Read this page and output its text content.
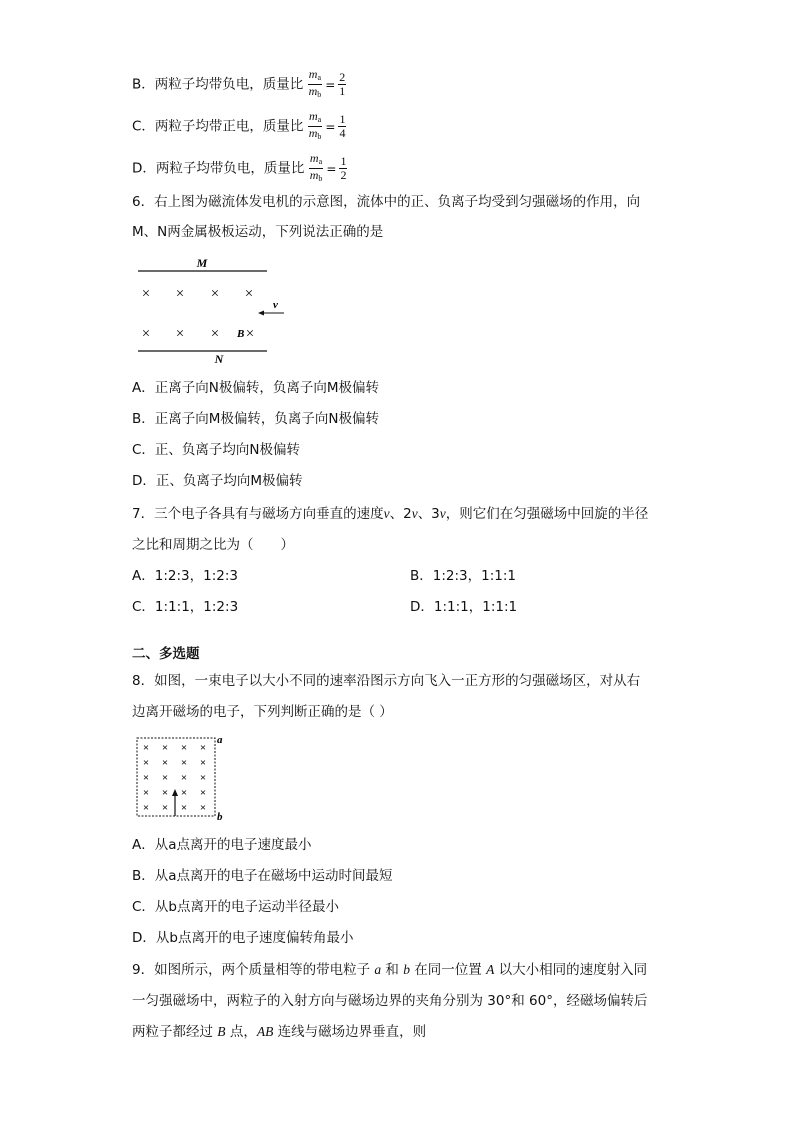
B．两粒子均带负电，质量比 $\frac{m_a}{m_b} = \frac{2}{1}$
C．两粒子均带正电，质量比 $\frac{m_a}{m_b} = \frac{1}{4}$
D．两粒子均带负电，质量比 $\frac{m_a}{m_b} = \frac{1}{2}$
6．右上图为磁流体发电机的示意图，流体中的正、负离子均受到匀强磁场的作用，向
M、N两金属极板运动，下列说法正确的是
M
× × × ×
× × × ×
B
v
N
A．正离子向N极偏转，负离子向M极偏转
B．正离子向M极偏转，负离子向N极偏转
C．正、负离子均向N极偏转
D．正、负离子均向M极偏转
7．三个电子各具有与磁场方向垂直的速度v、2v、3v，则它们在匀强磁场中回旋的半径
之比和周期之比为（　　）
A．1:2:3，1:2:3	B．1:2:3，1:1:1
C．1:1:1，1:2:3	D．1:1:1，1:1:1
二、多选题
8．如图，一束电子以大小不同的速率沿图示方向飞入一正方形的匀强磁场区，对从右
边离开磁场的电子，下列判断正确的是（ ）
× × × ×
× × × ×
× × × ×
× × × ×
× × × ×
a
b
A．从a点离开的电子速度最小
B．从a点离开的电子在磁场中运动时间最短
C．从b点离开的电子运动半径最小
D．从b点离开的电子速度偏转角最小
9．如图所示，两个质量相等的带电粒子 a 和 b 在同一位置 A 以大小相同的速度射入同
一匀强磁场中，两粒子的入射方向与磁场边界的夹角分别为 30°和 60°，经磁场偏转后
两粒子都经过 B 点，AB 连线与磁场边界垂直，则
